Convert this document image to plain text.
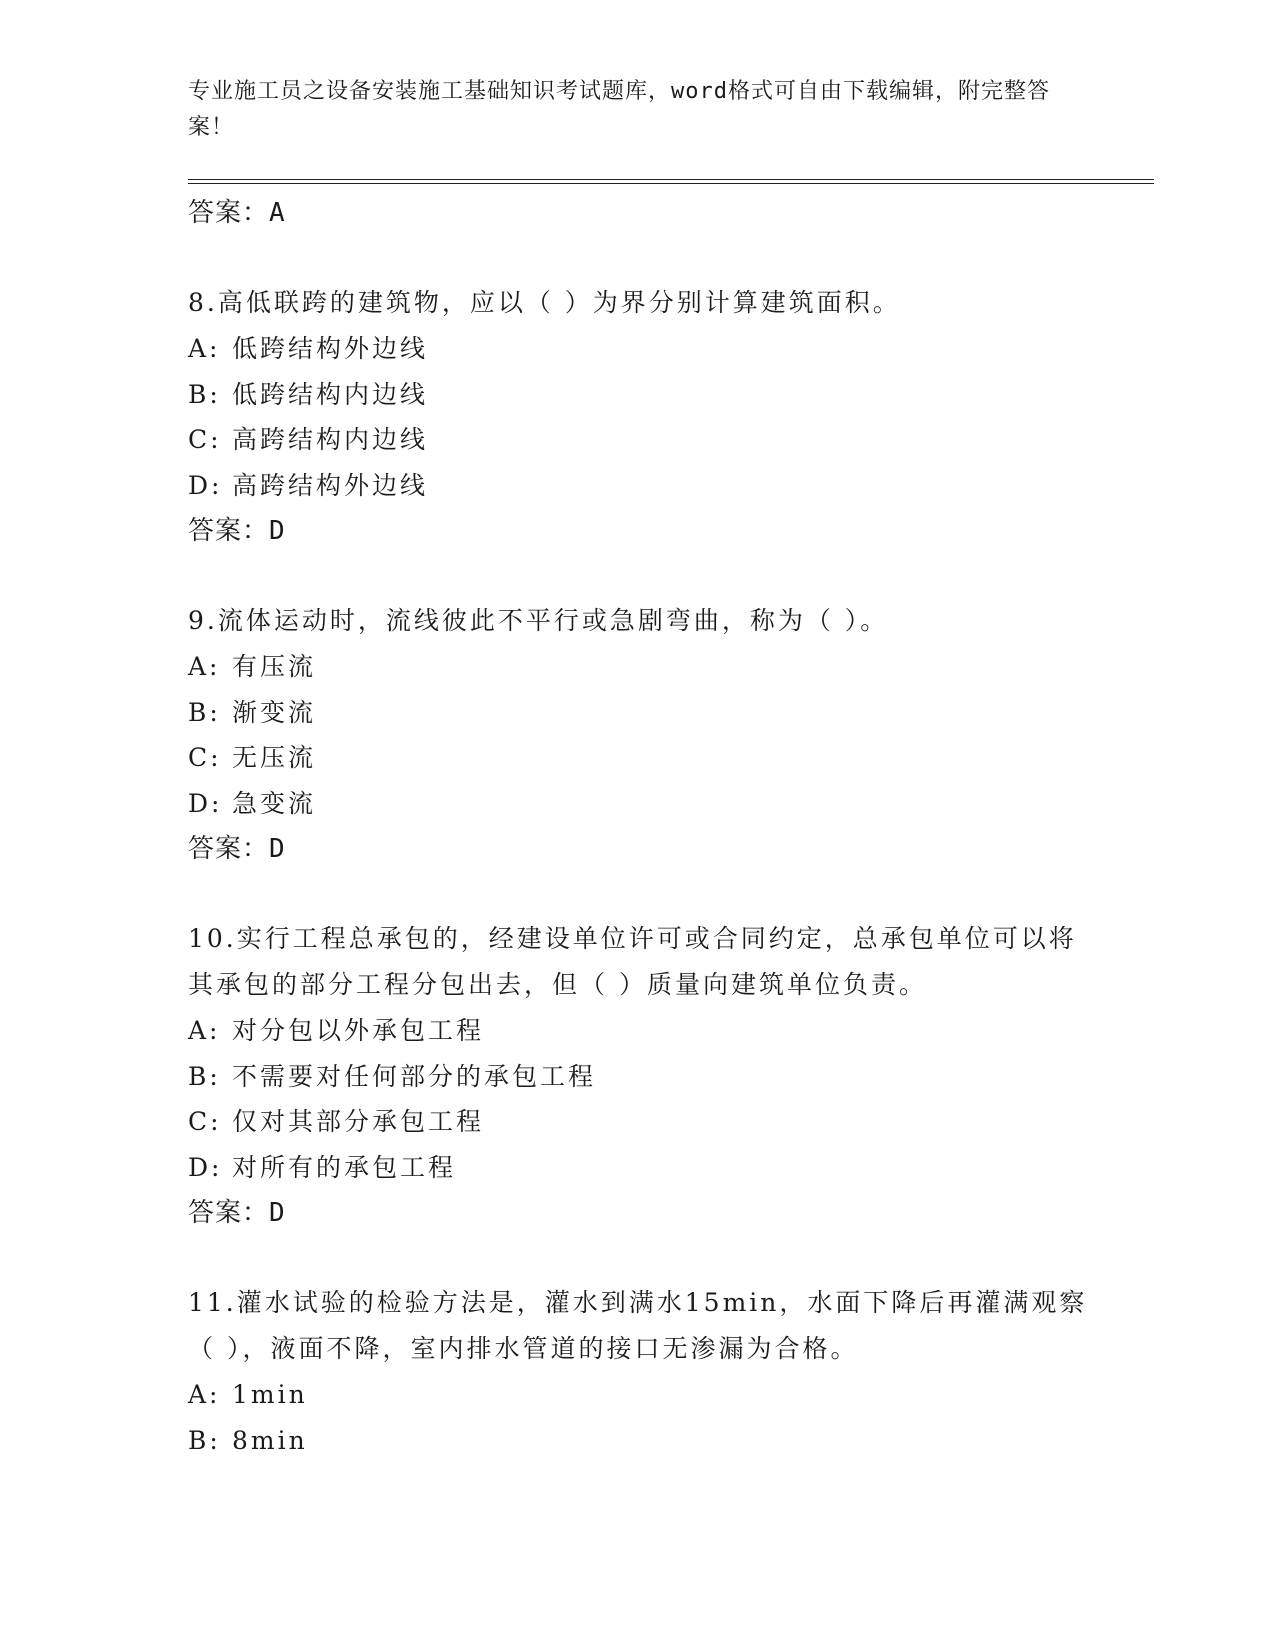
专业施工员之设备安装施工基础知识考试题库，word格式可自由下载编辑，附完整答案！
答案：A
8.高低联跨的建筑物，应以（ ）为界分别计算建筑面积。
A: 低跨结构外边线
B: 低跨结构内边线
C: 高跨结构内边线
D: 高跨结构外边线
答案：D
9.流体运动时，流线彼此不平行或急剧弯曲，称为（ ）。
A: 有压流
B: 渐变流
C: 无压流
D: 急变流
答案：D
10.实行工程总承包的，经建设单位许可或合同约定，总承包单位可以将其承包的部分工程分包出去，但（ ）质量向建筑单位负责。
A: 对分包以外承包工程
B: 不需要对任何部分的承包工程
C: 仅对其部分承包工程
D: 对所有的承包工程
答案：D
11.灌水试验的检验方法是，灌水到满水15min，水面下降后再灌满观察（ ），液面不降，室内排水管道的接口无渗漏为合格。
A: 1min
B: 8min
